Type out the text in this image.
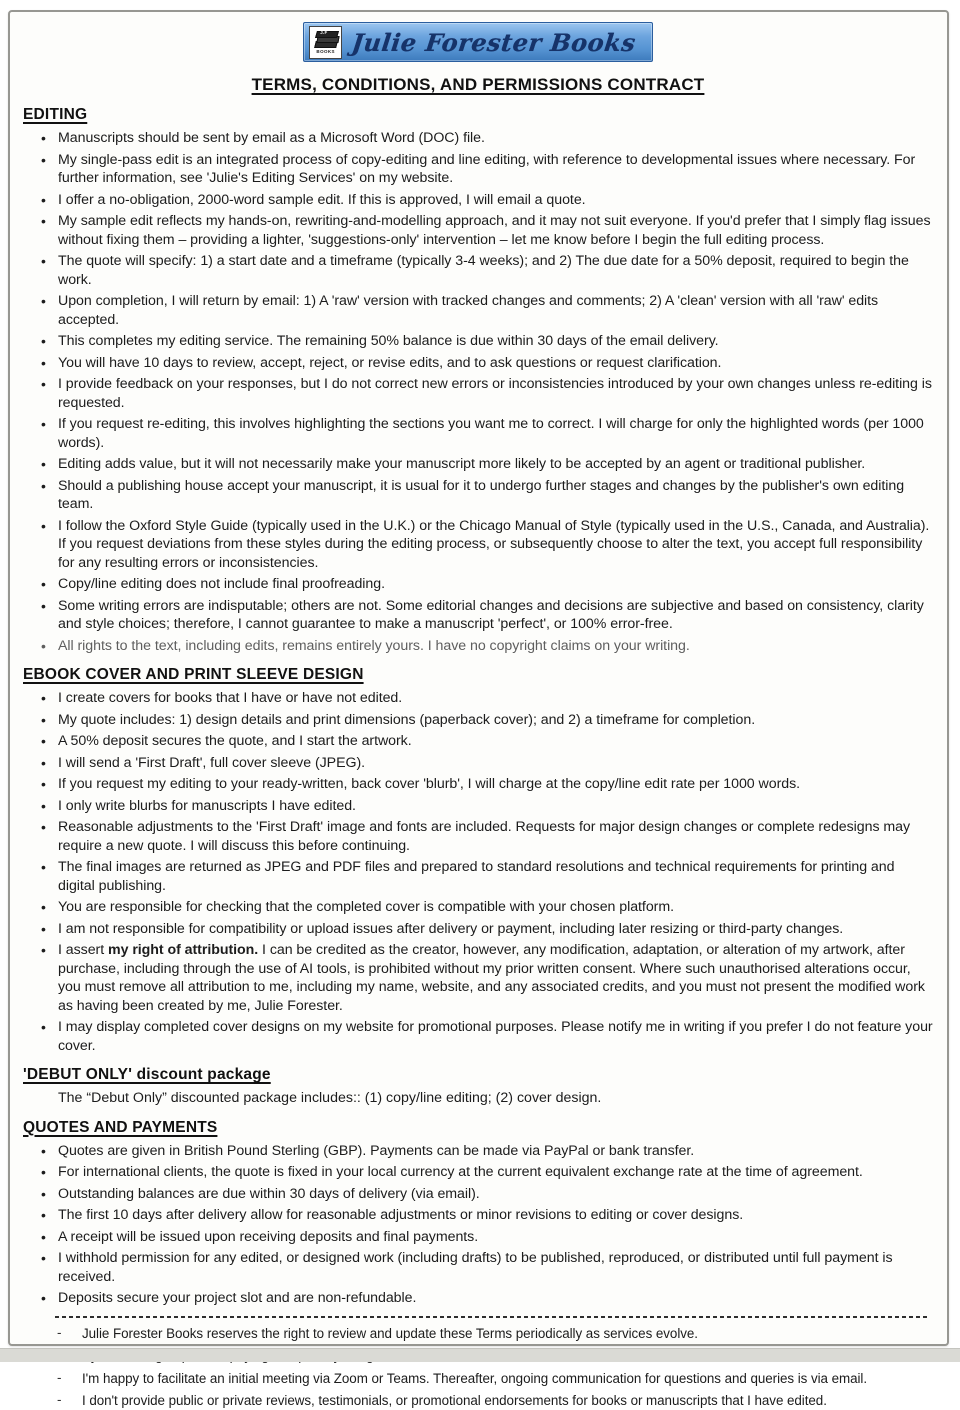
J.F
BOOKS Julie Forester Books
TERMS, CONDITIONS, AND PERMISSIONS CONTRACT
EDITING
• Manuscripts should be sent by email as a Microsoft Word (DOC) file.
• My single-pass edit is an integrated process of copy-editing and line editing, with reference to developmental issues where necessary. For further information, see 'Julie's Editing Services' on my website.
• I offer a no-obligation, 2000-word sample edit. If this is approved, I will email a quote.
• My sample edit reflects my hands-on, rewriting-and-modelling approach, and it may not suit everyone. If you'd prefer that I simply flag issues without fixing them – providing a lighter, 'suggestions-only' intervention – let me know before I begin the full editing process.
• The quote will specify: 1) a start date and a timeframe (typically 3-4 weeks); and 2) The due date for a 50% deposit, required to begin the work.
• Upon completion, I will return by email: 1) A 'raw' version with tracked changes and comments; 2) A 'clean' version with all 'raw' edits accepted.
• This completes my editing service. The remaining 50% balance is due within 30 days of the email delivery.
• You will have 10 days to review, accept, reject, or revise edits, and to ask questions or request clarification.
• I provide feedback on your responses, but I do not correct new errors or inconsistencies introduced by your own changes unless re-editing is requested.
• If you request re-editing, this involves highlighting the sections you want me to correct. I will charge for only the highlighted words (per 1000 words).
• Editing adds value, but it will not necessarily make your manuscript more likely to be accepted by an agent or traditional publisher.
• Should a publishing house accept your manuscript, it is usual for it to undergo further stages and changes by the publisher's own editing team.
• I follow the Oxford Style Guide (typically used in the U.K.) or the Chicago Manual of Style (typically used in the U.S., Canada, and Australia). If you request deviations from these styles during the editing process, or subsequently choose to alter the text, you accept full responsibility for any resulting errors or inconsistencies.
• Copy/line editing does not include final proofreading.
• Some writing errors are indisputable; others are not. Some editorial changes and decisions are subjective and based on consistency, clarity and style choices; therefore, I cannot guarantee to make a manuscript 'perfect', or 100% error-free.
• All rights to the text, including edits, remains entirely yours. I have no copyright claims on your writing.
EBOOK COVER AND PRINT SLEEVE DESIGN
• I create covers for books that I have or have not edited.
• My quote includes: 1) design details and print dimensions (paperback cover); and 2) a timeframe for completion.
• A 50% deposit secures the quote, and I start the artwork.
• I will send a 'First Draft', full cover sleeve (JPEG).
• If you request my editing to your ready-written, back cover 'blurb', I will charge at the copy/line edit rate per 1000 words.
• I only write blurbs for manuscripts I have edited.
• Reasonable adjustments to the 'First Draft' image and fonts are included. Requests for major design changes or complete redesigns may require a new quote. I will discuss this before continuing.
• The final images are returned as JPEG and PDF files and prepared to standard resolutions and technical requirements for printing and digital publishing.
• You are responsible for checking that the completed cover is compatible with your chosen platform.
• I am not responsible for compatibility or upload issues after delivery or payment, including later resizing or third-party changes.
• I assert my right of attribution. I can be credited as the creator, however, any modification, adaptation, or alteration of my artwork, after purchase, including through the use of AI tools, is prohibited without my prior written consent. Where such unauthorised alterations occur, you must remove all attribution to me, including my name, website, and any associated credits, and you must not present the modified work as having been created by me, Julie Forester.
• I may display completed cover designs on my website for promotional purposes. Please notify me in writing if you prefer I do not feature your cover.
'DEBUT ONLY' discount package
The “Debut Only” discounted package includes:: (1) copy/line editing; (2) cover design.
QUOTES AND PAYMENTS
• Quotes are given in British Pound Sterling (GBP). Payments can be made via PayPal or bank transfer.
• For international clients, the quote is fixed in your local currency at the current equivalent exchange rate at the time of agreement.
• Outstanding balances are due within 30 days of delivery (via email).
• The first 10 days after delivery allow for reasonable adjustments or minor revisions to editing or cover designs.
• A receipt will be issued upon receiving deposits and final payments.
• I withhold permission for any edited, or designed work (including drafts) to be published, reproduced, or distributed until full payment is received.
• Deposits secure your project slot and are non-refundable.
- Julie Forester Books reserves the right to review and update these Terms periodically as services evolve.
-
- I'm happy to facilitate an initial meeting via Zoom or Teams. Thereafter, ongoing communication for questions and queries is via email.
- I don't provide public or private reviews, testimonials, or promotional endorsements for books or manuscripts that I have edited.
